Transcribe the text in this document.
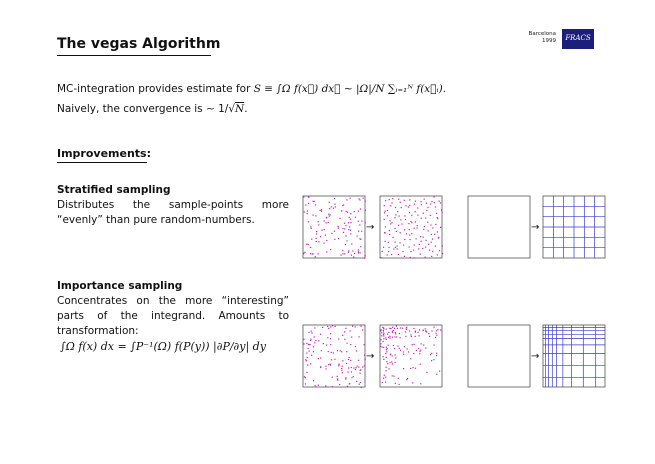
The vegas Algorithm
Barcelona
1999	FRACS
MC-integration provides estimate for S ≡ ∫Ω f(x⃗) dx⃗ ∼ |Ω|/N ∑ᵢ₌₁ᴺ f(x⃗ᵢ).
Naively, the convergence is ∼ 1/√N.
Improvements:
Stratified sampling
Distributes the sample-points more “evenly” than pure random-numbers.
Importance sampling
Concentrates on the more “interesting” parts of the integrand. Amounts to transformation:
∫Ω f(x) dx = ∫P⁻¹(Ω) f(P(y)) |∂P/∂y| dy
→	→
→	→
